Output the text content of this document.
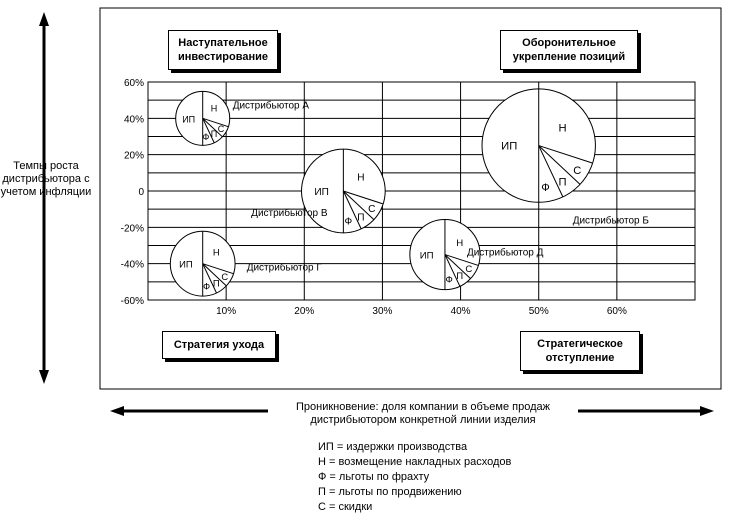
60%
40%
20%
0
-20%
-40%
-60%
10%	20%	30%	40%	50%	60%
ИП
Н
Ф П
С
ИП
Н
Ф П
С
ИП
Н
Ф П
С
ИП
Н
Ф П
С
ИП
Н
Ф П
С
Дистрибьютор А
Дистрибьютор Б
Дистрибьютор В
Дистрибьютор Г
Дистрибьютор Д
Темпы роста дистрибьютора с учетом инфляции
Проникновение: доля компании в объеме продаж дистрибьютором конкретной линии изделия
Наступательное инвестирование
Оборонительное укрепление позиций
Стратегия ухода	Стратегическое отступление
ИП = издержки производства
Н = возмещение накладных расходов
Ф = льготы по фрахту
П = льготы по продвижению
С = скидки
